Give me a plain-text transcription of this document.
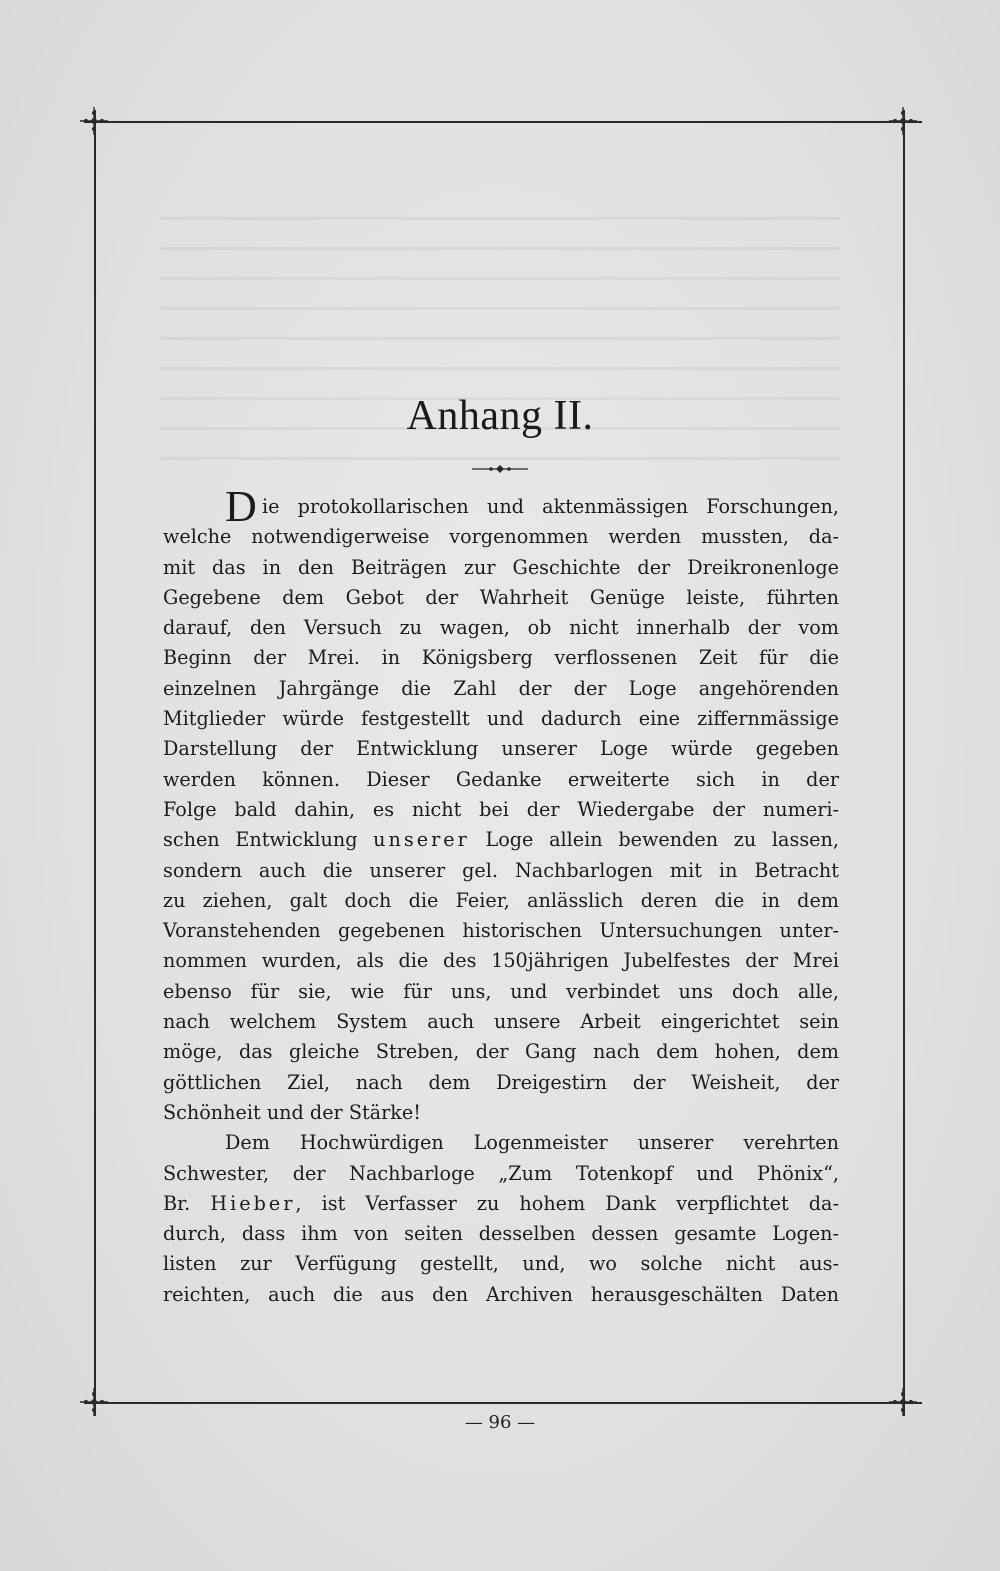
Anhang II.
D ie protokollarischen und aktenmässigen Forschungen,
welche notwendigerweise vorgenommen werden mussten, da-
mit das in den Beiträgen zur Geschichte der Dreikronenloge
Gegebene dem Gebot der Wahrheit Genüge leiste, führten
darauf, den Versuch zu wagen, ob nicht innerhalb der vom
Beginn der Mrei. in Königsberg verflossenen Zeit für die
einzelnen Jahrgänge die Zahl der der Loge angehörenden
Mitglieder würde festgestellt und dadurch eine ziffernmässige
Darstellung der Entwicklung unserer Loge würde gegeben
werden können. Dieser Gedanke erweiterte sich in der
Folge bald dahin, es nicht bei der Wiedergabe der numeri-
schen Entwicklung unserer Loge allein bewenden zu lassen,
sondern auch die unserer gel. Nachbarlogen mit in Betracht
zu ziehen, galt doch die Feier, anlässlich deren die in dem
Voranstehenden gegebenen historischen Untersuchungen unter-
nommen wurden, als die des 150jährigen Jubelfestes der Mrei
ebenso für sie, wie für uns, und verbindet uns doch alle,
nach welchem System auch unsere Arbeit eingerichtet sein
möge, das gleiche Streben, der Gang nach dem hohen, dem
göttlichen Ziel, nach dem Dreigestirn der Weisheit, der
Schönheit und der Stärke!
Dem Hochwürdigen Logenmeister unserer verehrten
Schwester, der Nachbarloge „Zum Totenkopf und Phönix“,
Br. Hieber, ist Verfasser zu hohem Dank verpflichtet da-
durch, dass ihm von seiten desselben dessen gesamte Logen-
listen zur Verfügung gestellt, und, wo solche nicht aus-
reichten, auch die aus den Archiven herausgeschälten Daten
— 96 —
